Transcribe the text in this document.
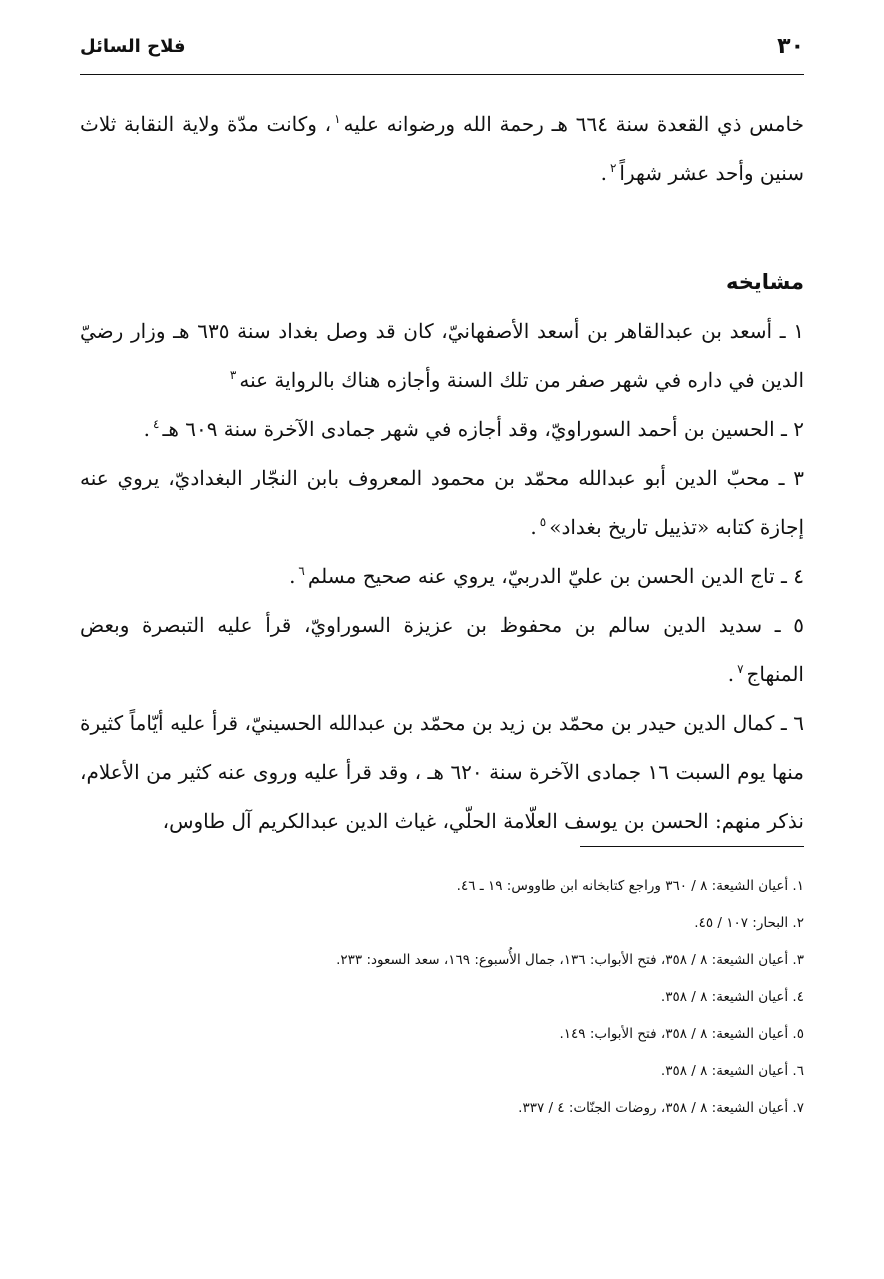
٣٠
فلاح السائل

خامس ذي القعدة سنة ٦٦٤ هـ رحمة الله ورضوانه عليه$^١$، وكانت مدّة ولاية النقابة ثلاث سنين وأحد عشر شهراً$^٢$.

مشايخه

١ ـ أسعد بن عبدالقاهر بن أسعد الأصفهانيّ، كان قد وصل بغداد سنة ٦٣٥ هـ وزار رضيّ الدين في داره في شهر صفر من تلك السنة وأجازه هناك بالرواية عنه$^٣$

٢ ـ الحسين بن أحمد السوراويّ، وقد أجازه في شهر جمادى الآخرة سنة ٦٠٩ هـ$^٤$.

٣ ـ محبّ الدين أبو عبدالله محمّد بن محمود المعروف بابن النجّار البغداديّ، يروي عنه إجازة كتابه «تذييل تاريخ بغداد»$^٥$.

٤ ـ تاج الدين الحسن بن عليّ الدربيّ، يروي عنه صحيح مسلم$^٦$.

٥ ـ سديد الدين سالم بن محفوظ بن عزيزة السوراويّ، قرأ عليه التبصرة وبعض المنهاج$^٧$.

٦ ـ كمال الدين حيدر بن محمّد بن زيد بن محمّد بن عبدالله الحسينيّ، قرأ عليه أيّاماً كثيرة منها يوم السبت ١٦ جمادى الآخرة سنة ٦٢٠ هـ ، وقد قرأ عليه وروى عنه كثير من الأعلام، نذكر منهم: الحسن بن يوسف العلّامة الحلّي، غياث الدين عبدالكريم آل طاوس،

١. أعيان الشيعة: ٨ / ٣٦٠ وراجع كتابخانه ابن طاووس: ١٩ ـ ٤٦.

٢. البحار: ١٠٧ / ٤٥.

٣. أعيان الشيعة: ٨ / ٣٥٨، فتح الأبواب: ١٣٦، جمال الأُسبوع: ١٦٩، سعد السعود: ٢٣٣.

٤. أعيان الشيعة: ٨ / ٣٥٨.

٥. أعيان الشيعة: ٨ / ٣٥٨، فتح الأبواب: ١٤٩.

٦. أعيان الشيعة: ٨ / ٣٥٨.

٧. أعيان الشيعة: ٨ / ٣٥٨، روضات الجنّات: ٤ / ٣٣٧.
